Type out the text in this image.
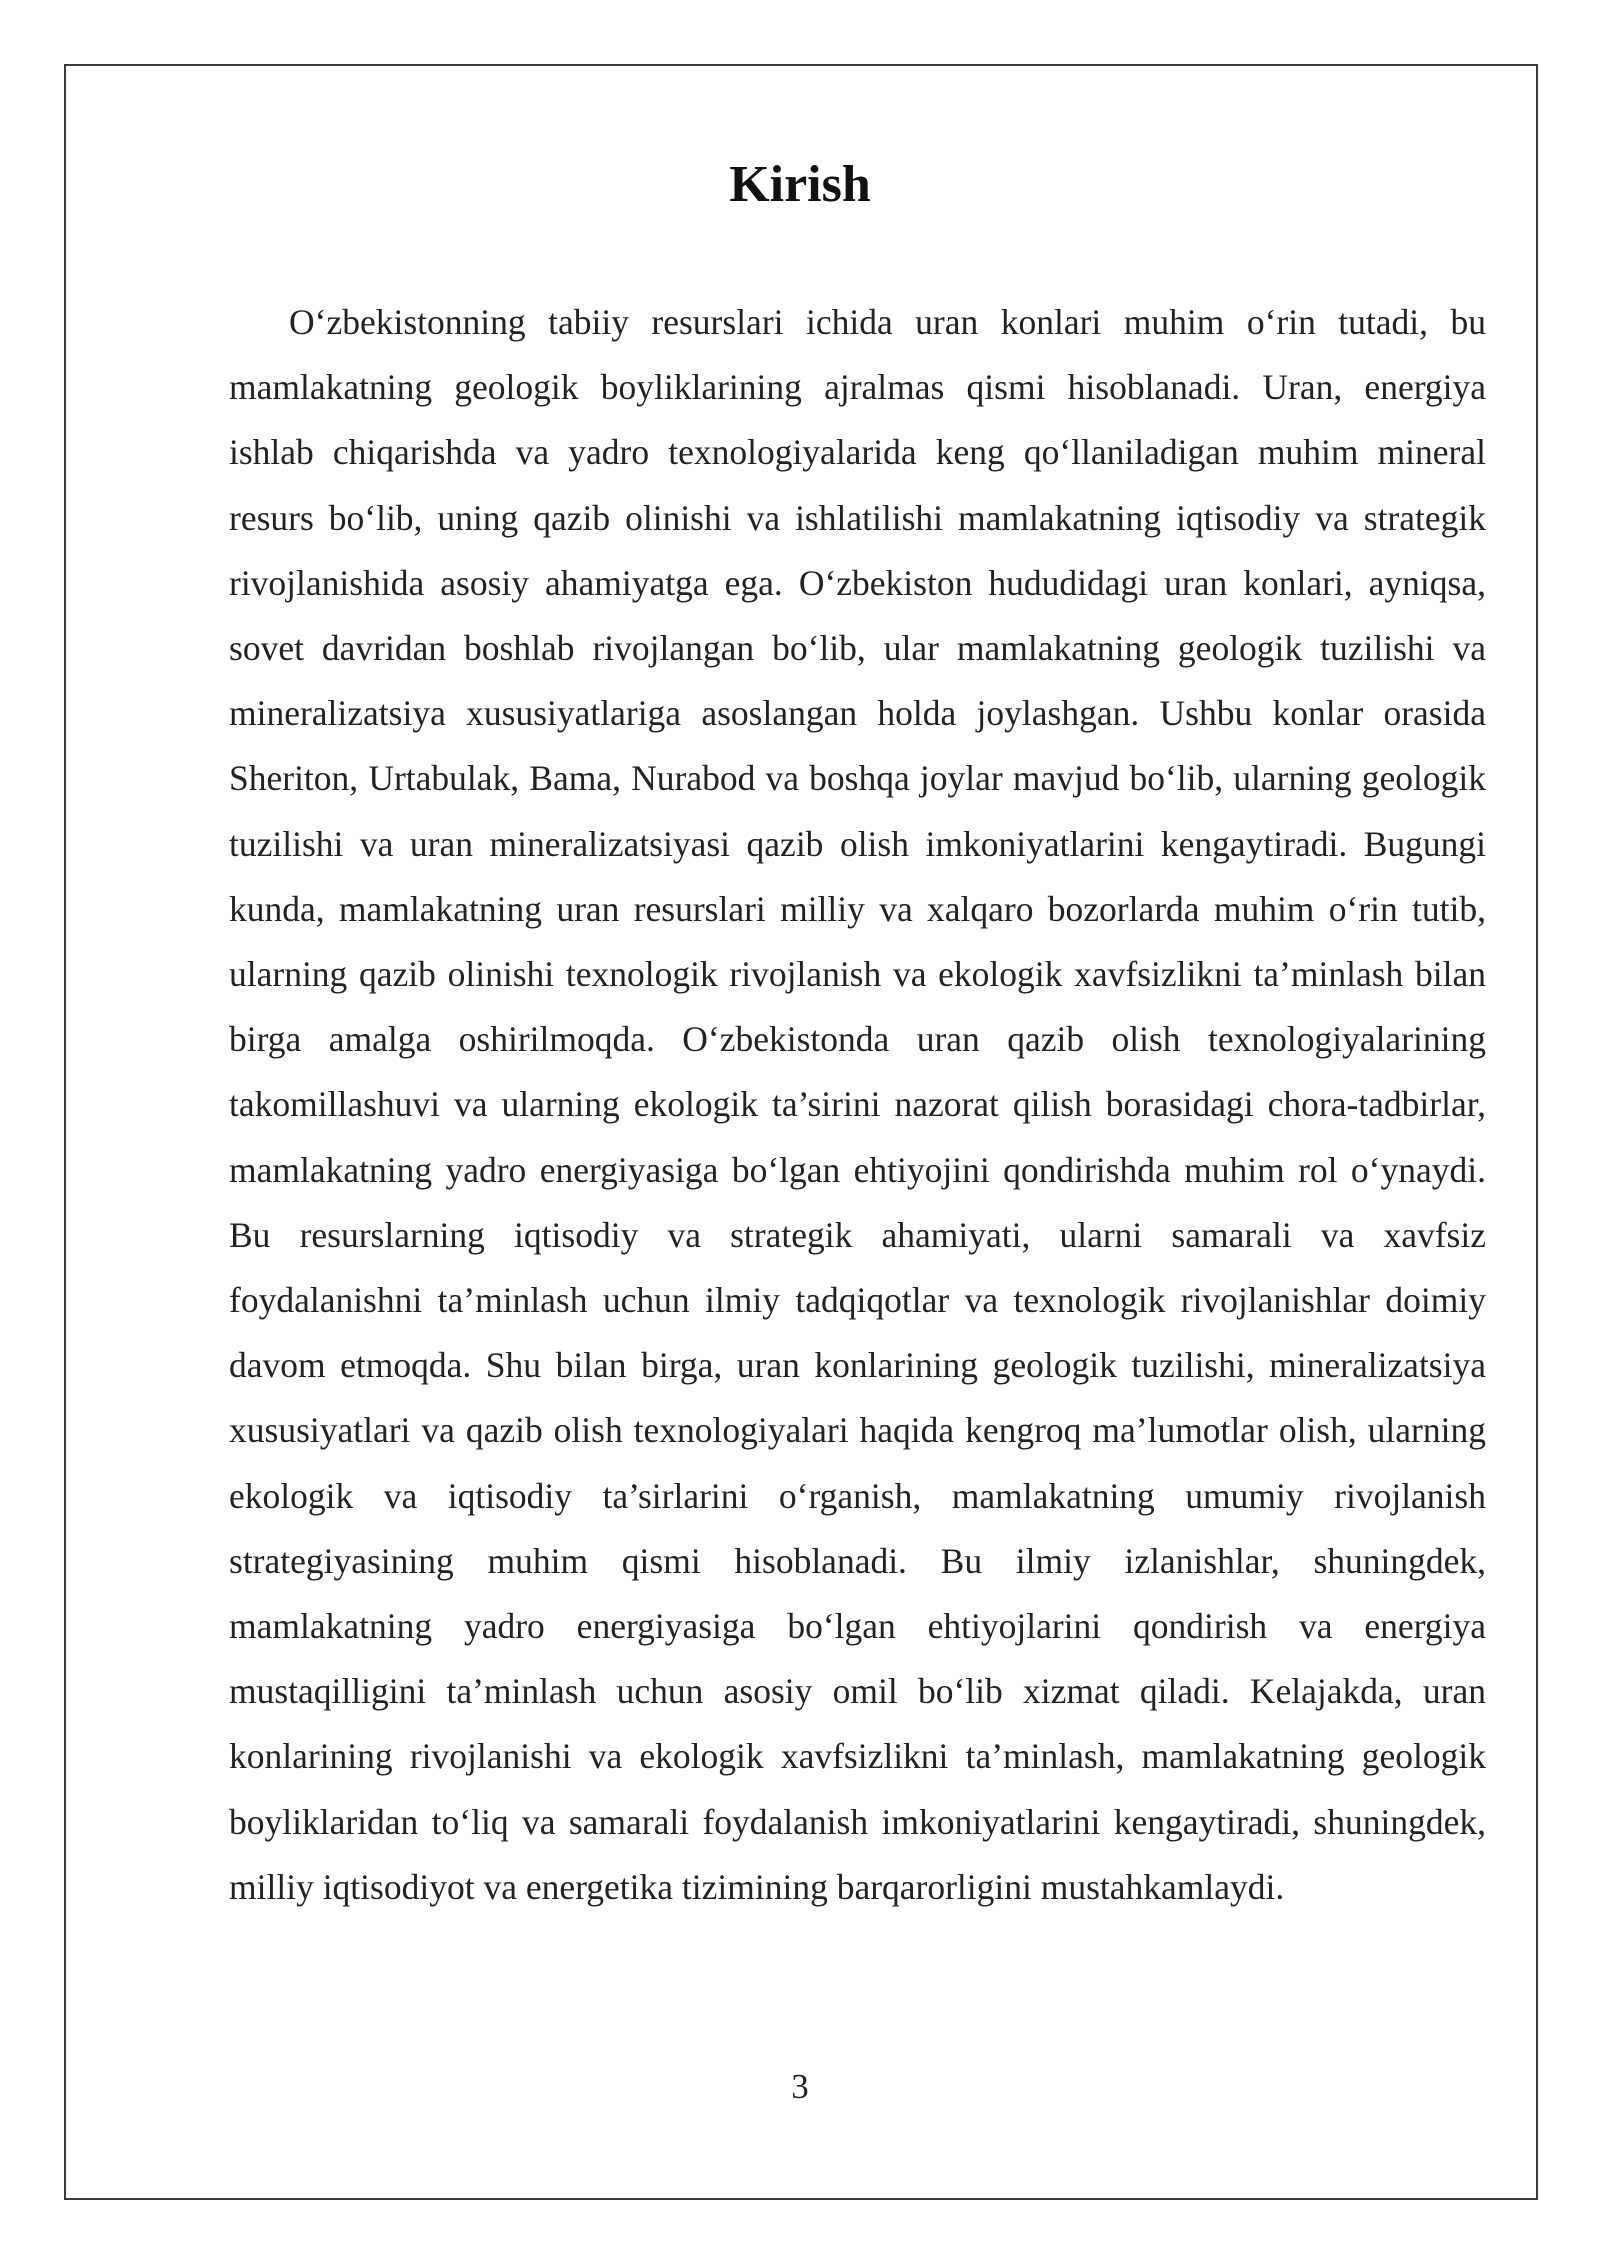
Kirish

O‘zbekistonning tabiiy resurslari ichida uran konlari muhim o‘rin tutadi, bu mamlakatning geologik boyliklarining ajralmas qismi hisoblanadi. Uran, energiya ishlab chiqarishda va yadro texnologiyalarida keng qo‘llaniladigan muhim mineral resurs bo‘lib, uning qazib olinishi va ishlatilishi mamlakatning iqtisodiy va strategik rivojlanishida asosiy ahamiyatga ega. O‘zbekiston hududidagi uran konlari, ayniqsa, sovet davridan boshlab rivojlangan bo‘lib, ular mamlakatning geologik tuzilishi va mineralizatsiya xususiyatlariga asoslangan holda joylashgan. Ushbu konlar orasida Sheriton, Urtabulak, Bama, Nurabod va boshqa joylar mavjud bo‘lib, ularning geologik tuzilishi va uran mineralizatsiyasi qazib olish imkoniyatlarini kengaytiradi. Bugungi kunda, mamlakatning uran resurslari milliy va xalqaro bozorlarda muhim o‘rin tutib, ularning qazib olinishi texnologik rivojlanish va ekologik xavfsizlikni ta’minlash bilan birga amalga oshirilmoqda. O‘zbekistonda uran qazib olish texnologiyalarining takomillashuvi va ularning ekologik ta’sirini nazorat qilish borasidagi chora-tadbirlar, mamlakatning yadro energiyasiga bo‘lgan ehtiyojini qondirishda muhim rol o‘ynaydi. Bu resurslarning iqtisodiy va strategik ahamiyati, ularni samarali va xavfsiz foydalanishni ta’minlash uchun ilmiy tadqiqotlar va texnologik rivojlanishlar doimiy davom etmoqda. Shu bilan birga, uran konlarining geologik tuzilishi, mineralizatsiya xususiyatlari va qazib olish texnologiyalari haqida kengroq ma’lumotlar olish, ularning ekologik va iqtisodiy ta’sirlarini o‘rganish, mamlakatning umumiy rivojlanish strategiyasining muhim qismi hisoblanadi. Bu ilmiy izlanishlar, shuningdek, mamlakatning yadro energiyasiga bo‘lgan ehtiyojlarini qondirish va energiya mustaqilligini ta’minlash uchun asosiy omil bo‘lib xizmat qiladi. Kelajakda, uran konlarining rivojlanishi va ekologik xavfsizlikni ta’minlash, mamlakatning geologik boyliklaridan to‘liq va samarali foydalanish imkoniyatlarini kengaytiradi, shuningdek, milliy iqtisodiyot va energetika tizimining barqarorligini mustahkamlaydi.

3
